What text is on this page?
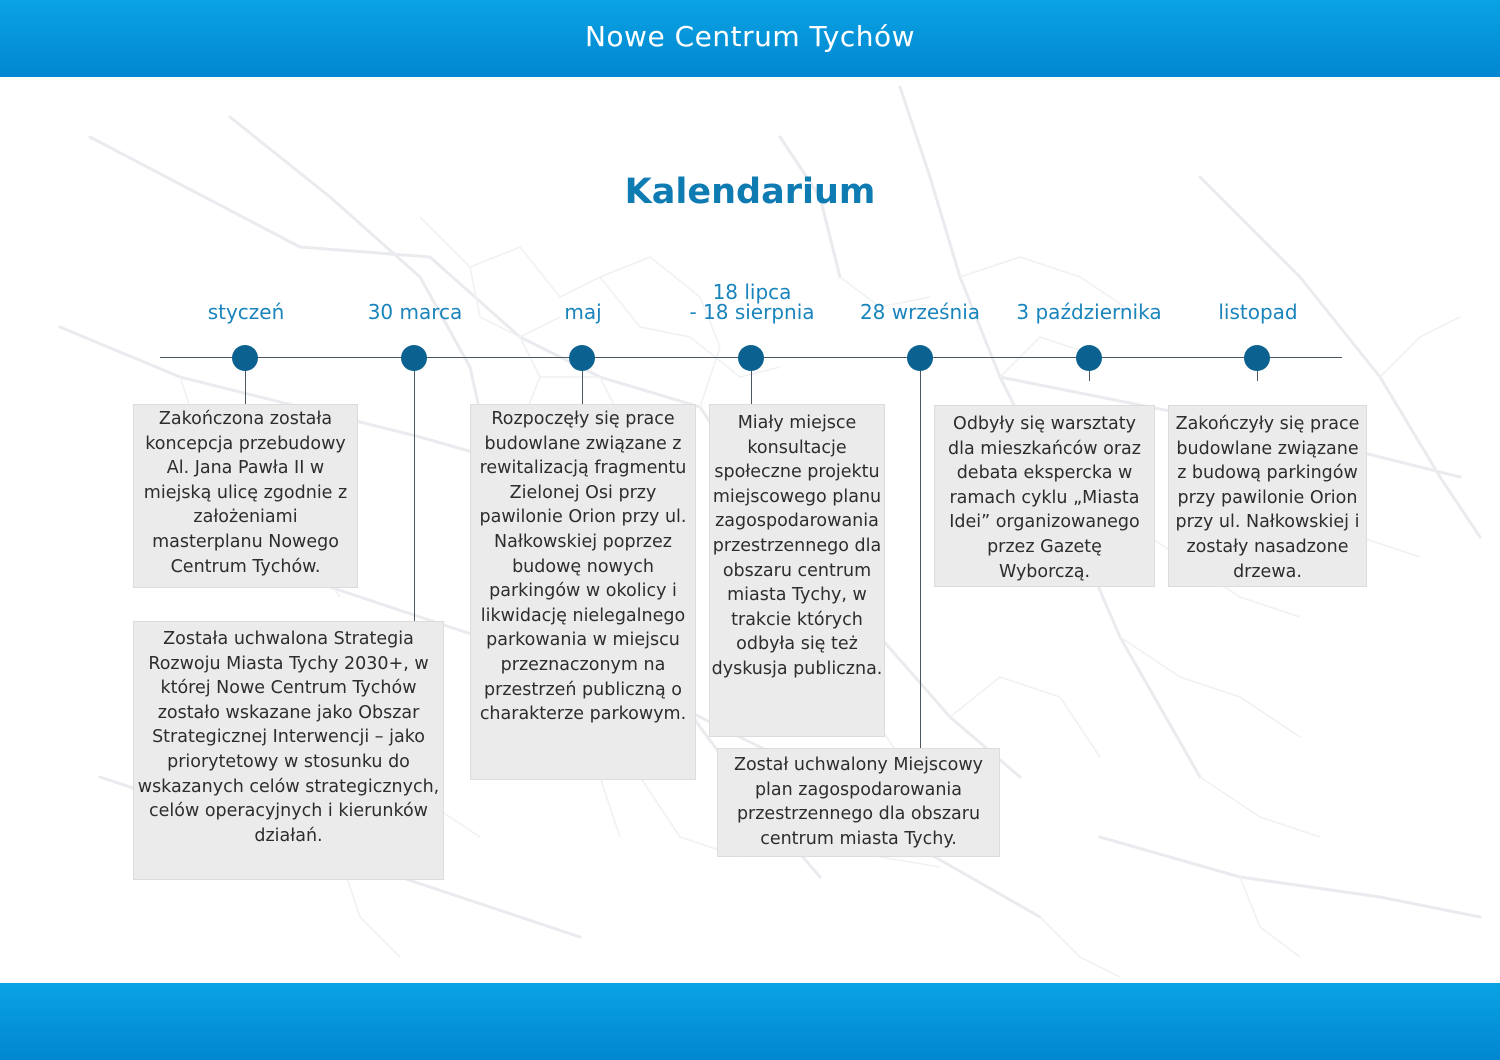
Nowe Centrum Tychów
Kalendarium
styczeń
Zakończona została koncepcja przebudowy Al. Jana Pawła II w miejską ulicę zgodnie z założeniami masterplanu Nowego Centrum Tychów.
30 marca
Została uchwalona Strategia Rozwoju Miasta Tychy 2030+, w której Nowe Centrum Tychów zostało wskazane jako Obszar Strategicznej Interwencji – jako priorytetowy w stosunku do wskazanych celów strategicznych, celów operacyjnych i kierunków działań.
maj
Rozpoczęły się prace budowlane związane z rewitalizacją fragmentu Zielonej Osi przy pawilonie Orion przy ul. Nałkowskiej poprzez budowę nowych parkingów w okolicy i likwidację nielegalnego parkowania w miejscu przeznaczonym na przestrzeń publiczną o charakterze parkowym.
18 lipca
- 18 sierpnia
Miały miejsce konsultacje społeczne projektu miejscowego planu zagospodarowania przestrzennego dla obszaru centrum miasta Tychy, w trakcie których odbyła się też dyskusja publiczna.
28 września
Został uchwalony Miejscowy plan zagospodarowania przestrzennego dla obszaru centrum miasta Tychy.
3 października
Odbyły się warsztaty dla mieszkańców oraz debata ekspercka w ramach cyklu „Miasta Idei” organizowanego przez Gazetę Wyborczą.
listopad
Zakończyły się prace budowlane związane z budową parkingów przy pawilonie Orion przy ul. Nałkowskiej i zostały nasadzone drzewa.
